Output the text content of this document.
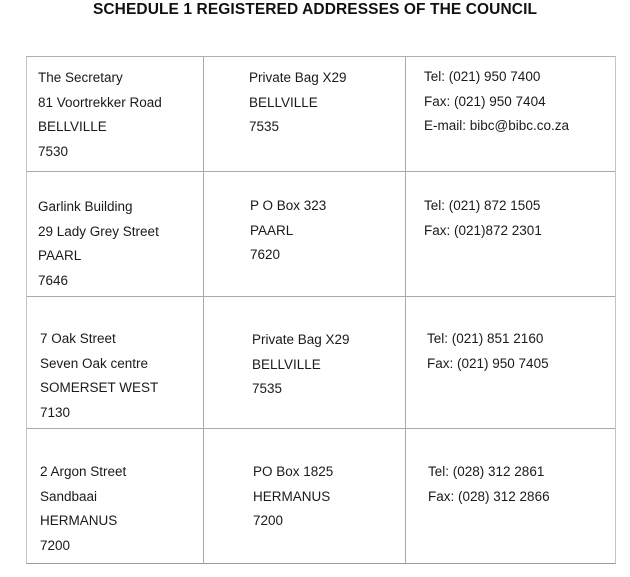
SCHEDULE 1 REGISTERED ADDRESSES OF THE COUNCIL
The Secretary
81 Voortrekker Road
BELLVILLE
7530
Private Bag X29
BELLVILLE
7535
Tel: (021) 950 7400
Fax: (021) 950 7404
E-mail: bibc@bibc.co.za
Garlink Building
29 Lady Grey Street
PAARL
7646
P O Box 323
PAARL
7620
Tel: (021) 872 1505
Fax: (021)872 2301
7 Oak Street
Seven Oak centre
SOMERSET WEST
7130
Private Bag X29
BELLVILLE
7535
Tel: (021) 851 2160
Fax: (021) 950 7405
2 Argon Street
Sandbaai
HERMANUS
7200
PO Box 1825
HERMANUS
7200
Tel: (028) 312 2861
Fax: (028) 312 2866
